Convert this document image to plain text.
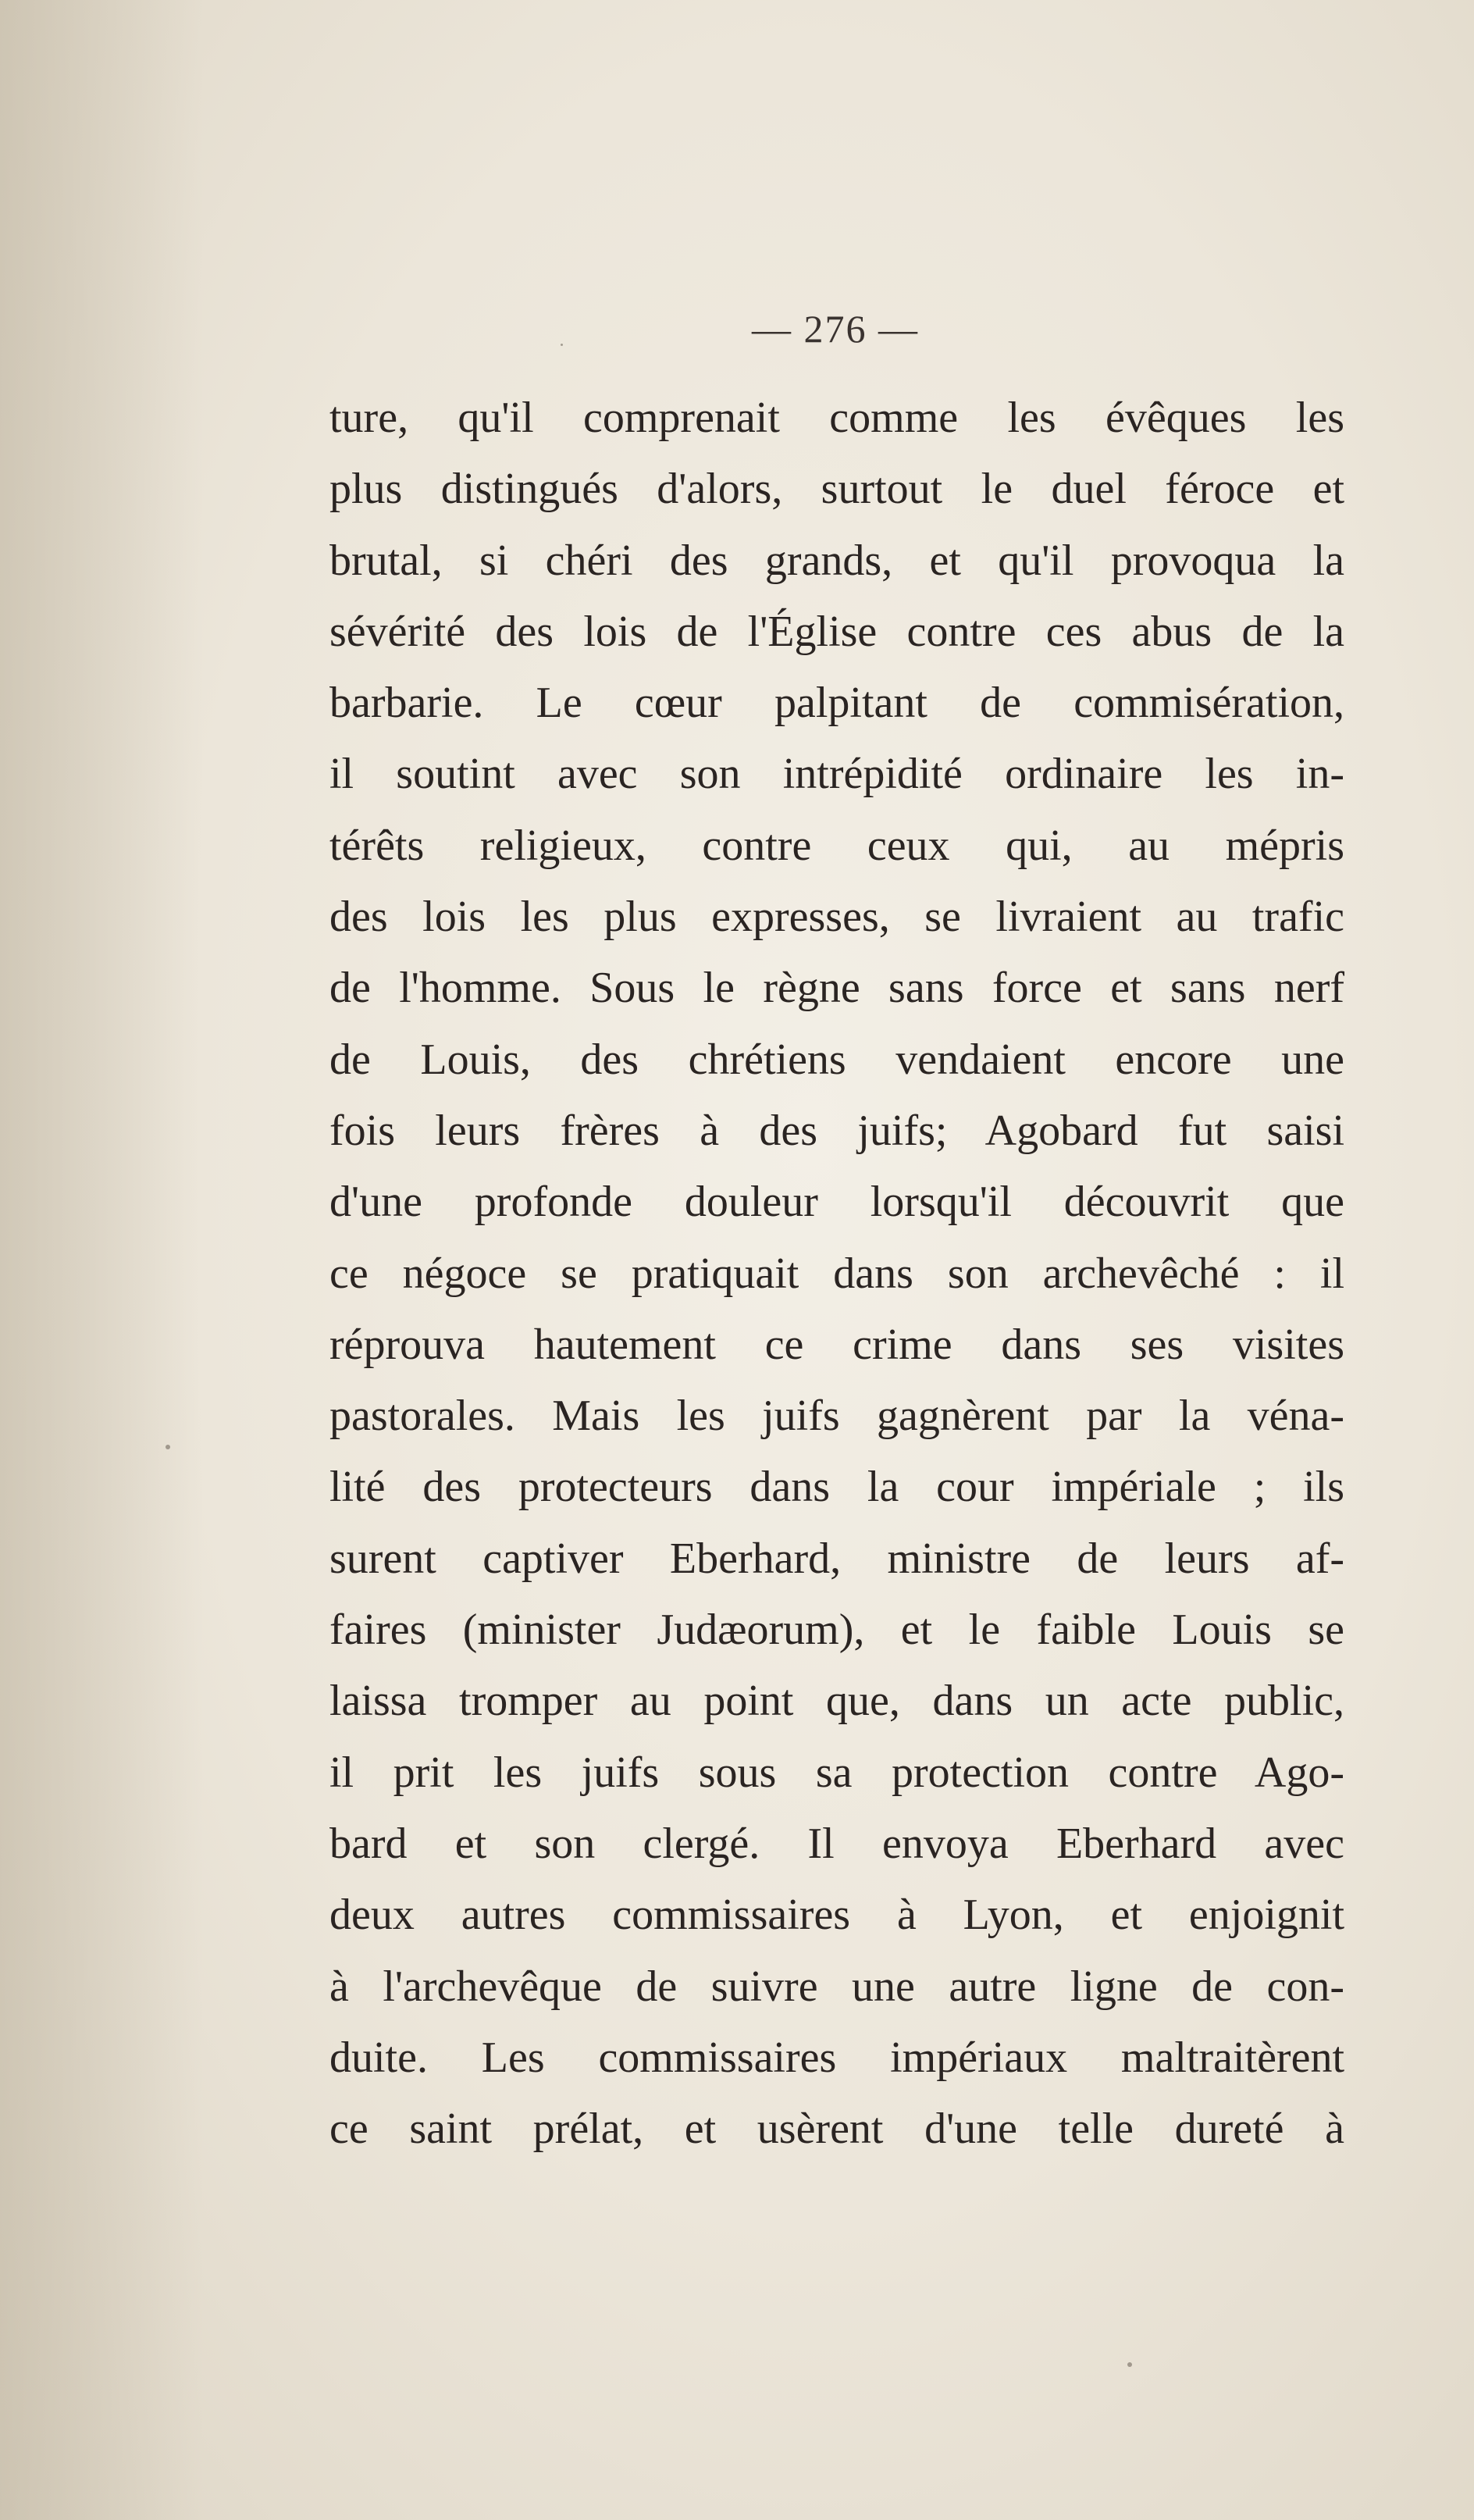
— 276 —
ture, qu'il comprenait comme les évêques les
plus distingués d'alors, surtout le duel féroce et
brutal, si chéri des grands, et qu'il provoqua la
sévérité des lois de l'Église contre ces abus de la
barbarie. Le cœur palpitant de commisération,
il soutint avec son intrépidité ordinaire les in-
térêts religieux, contre ceux qui, au mépris
des lois les plus expresses, se livraient au trafic
de l'homme. Sous le règne sans force et sans nerf
de Louis, des chrétiens vendaient encore une
fois leurs frères à des juifs; Agobard fut saisi
d'une profonde douleur lorsqu'il découvrit que
ce négoce se pratiquait dans son archevêché : il
réprouva hautement ce crime dans ses visites
pastorales. Mais les juifs gagnèrent par la véna-
lité des protecteurs dans la cour impériale ; ils
surent captiver Eberhard, ministre de leurs af-
faires (minister Judæorum), et le faible Louis se
laissa tromper au point que, dans un acte public,
il prit les juifs sous sa protection contre Ago-
bard et son clergé. Il envoya Eberhard avec
deux autres commissaires à Lyon, et enjoignit
à l'archevêque de suivre une autre ligne de con-
duite. Les commissaires impériaux maltraitèrent
ce saint prélat, et usèrent d'une telle dureté à
